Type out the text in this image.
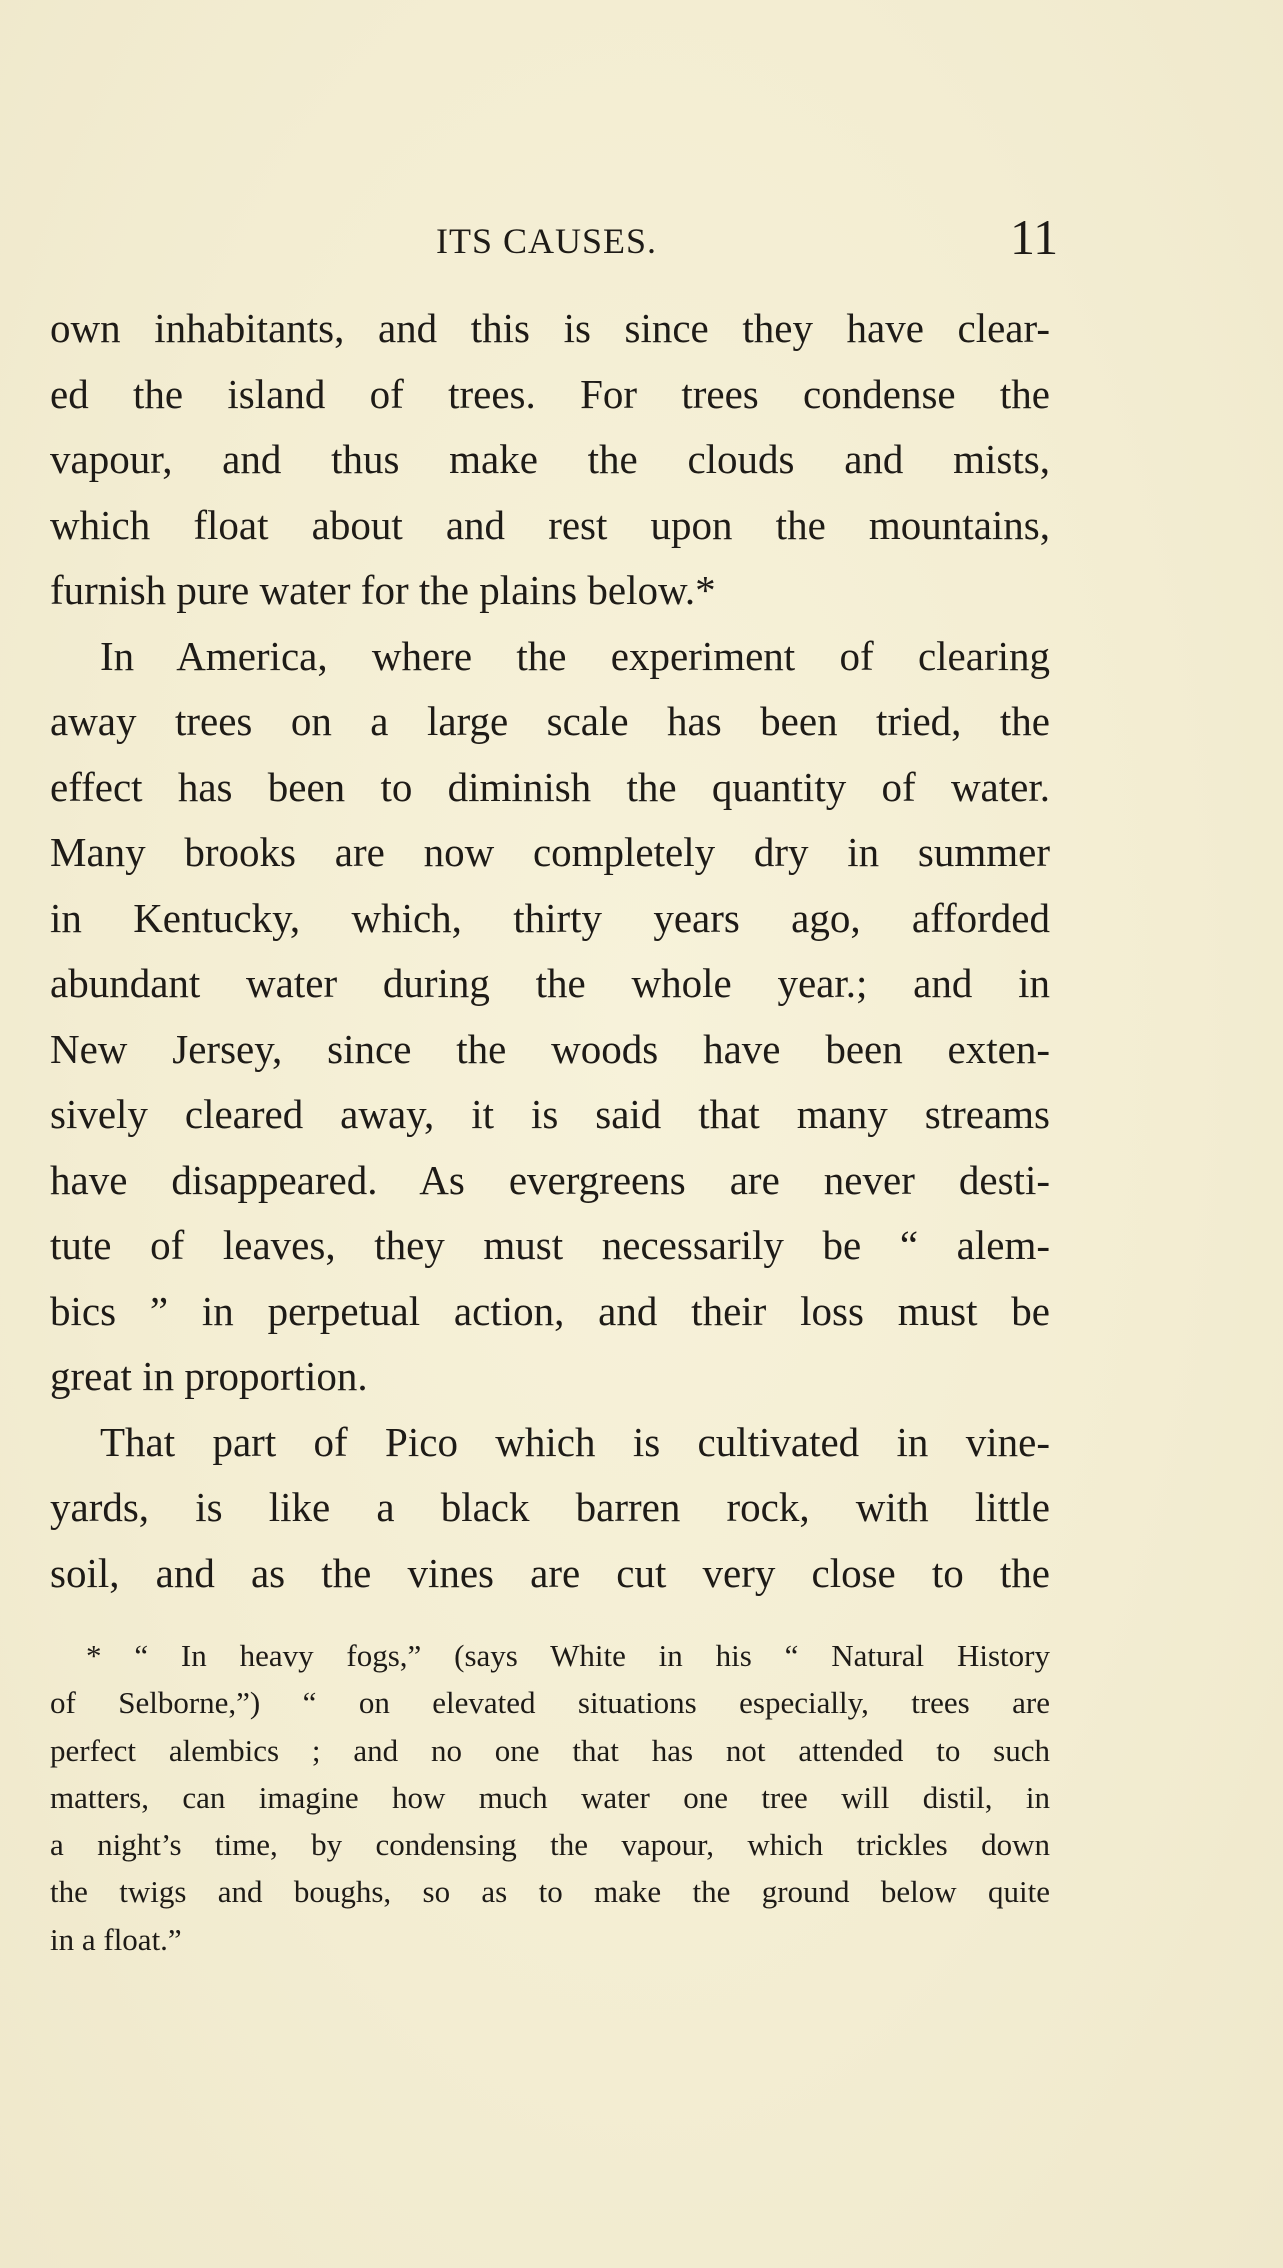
ITS CAUSES.	11
own inhabitants, and this is since they have clear-
ed the island of trees. For trees condense the
vapour, and thus make the clouds and mists,
which float about and rest upon the mountains,
furnish pure water for the plains below.*
In America, where the experiment of clearing
away trees on a large scale has been tried, the
effect has been to diminish the quantity of water.
Many brooks are now completely dry in summer
in Kentucky, which, thirty years ago, afforded
abundant water during the whole year.; and in
New Jersey, since the woods have been exten-
sively cleared away, it is said that many streams
have disappeared. As evergreens are never desti-
tute of leaves, they must necessarily be “ alem-
bics ” in perpetual action, and their loss must be
great in proportion.
That part of Pico which is cultivated in vine-
yards, is like a black barren rock, with little
soil, and as the vines are cut very close to the
* “ In heavy fogs,” (says White in his “ Natural History
of Selborne,”) “ on elevated situations especially, trees are
perfect alembics ; and no one that has not attended to such
matters, can imagine how much water one tree will distil, in
a night’s time, by condensing the vapour, which trickles down
the twigs and boughs, so as to make the ground below quite
in a float.”
